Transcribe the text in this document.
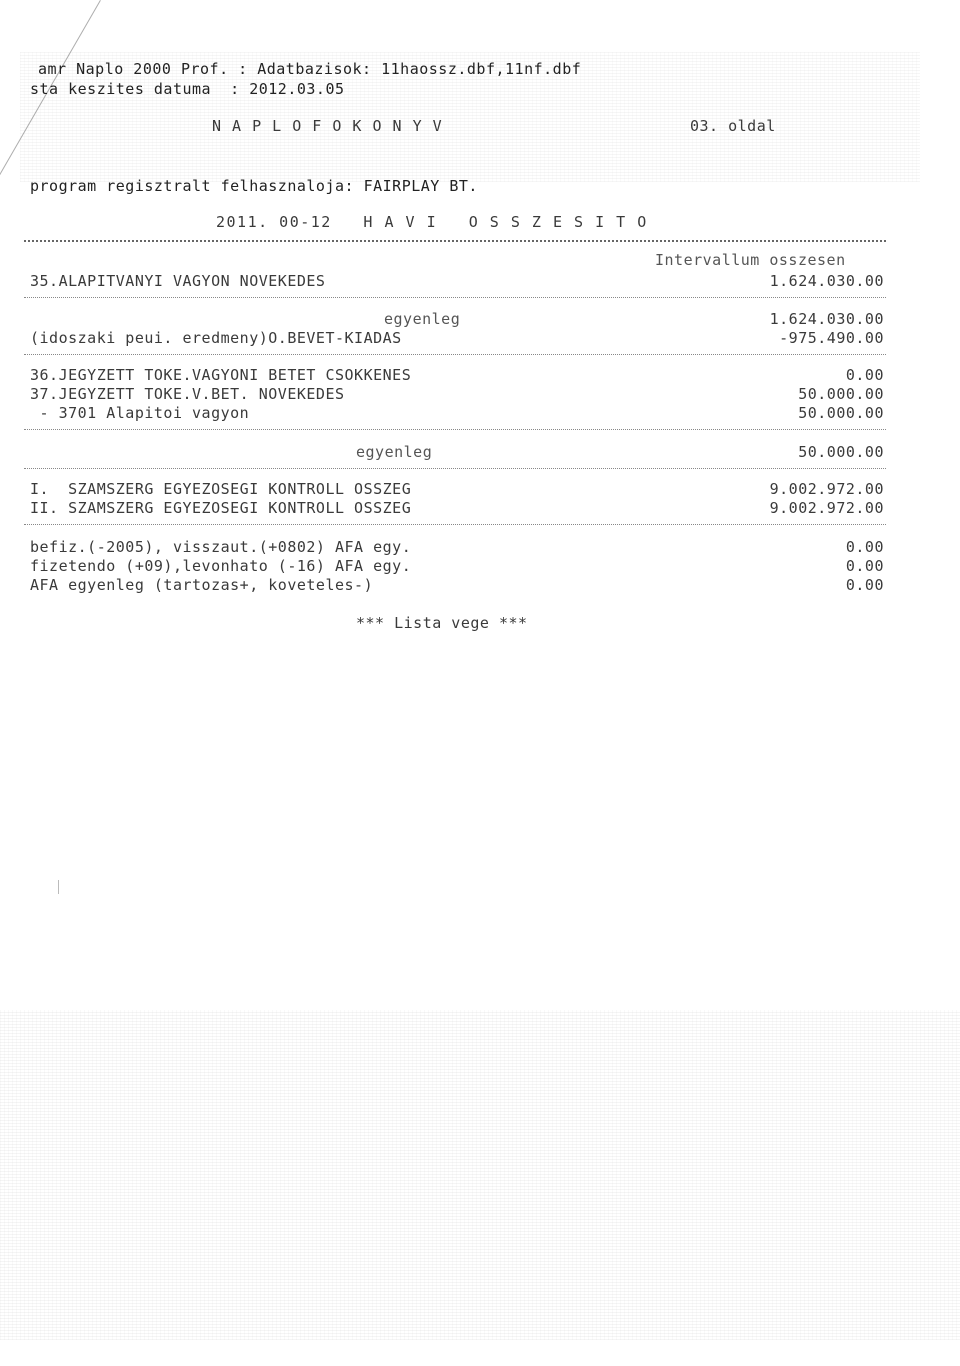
amr Naplo 2000 Prof. : Adatbazisok: 11haossz.dbf,11nf.dbf
sta keszites datuma  : 2012.03.05
N A P L O F O K O N Y V	03. oldal
program regisztralt felhasznaloja: FAIRPLAY BT.
2011. 00-12   H A V I   O S S Z E S I T O
Intervallum osszesen
35.ALAPITVANYI VAGYON NOVEKEDES	1.624.030.00
egyenleg	1.624.030.00
(idoszaki peui. eredmeny)O.BEVET-KIADAS	-975.490.00
36.JEGYZETT TOKE.VAGYONI BETET CSOKKENES	0.00
37.JEGYZETT TOKE.V.BET. NOVEKEDES	50.000.00
- 3701 Alapitoi vagyon	50.000.00
egyenleg	50.000.00
I.  SZAMSZERG EGYEZOSEGI KONTROLL OSSZEG	9.002.972.00
II. SZAMSZERG EGYEZOSEGI KONTROLL OSSZEG	9.002.972.00
befiz.(-2005), visszaut.(+0802) AFA egy.	0.00
fizetendo (+09),levonhato (-16) AFA egy.	0.00
AFA egyenleg (tartozas+, koveteles-)	0.00
*** Lista vege ***
